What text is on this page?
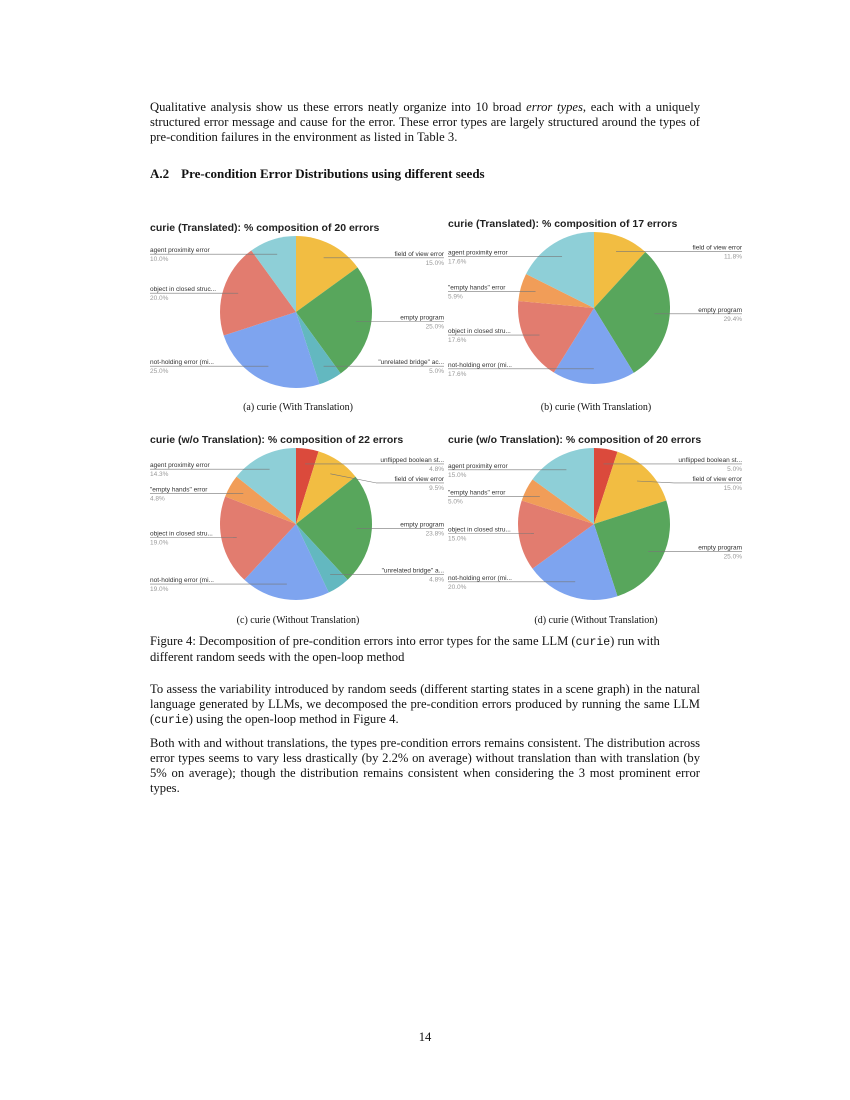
Qualitative analysis show us these errors neatly organize into 10 broad error types, each with a uniquely structured error message and cause for the error. These error types are largely structured around the types of pre-condition failures in the environment as listed in Table 3.

A.2 Pre-condition Error Distributions using different seeds
curie (Translated): % composition of 20 errors
agent proximity error
10.0%
object in closed struc...
20.0%
not-holding error (mi...
25.0%
field of view error
15.0%
empty program
25.0%
"unrelated bridge" ac...
5.0%
curie (Translated): % composition of 17 errors
agent proximity error
17.6%
"empty hands" error
5.9%
object in closed stru...
17.6%
not-holding error (mi...
17.6%
field of view error
11.8%
empty program
29.4%
curie (w/o Translation): % composition of 22 errors
agent proximity error
14.3%
"empty hands" error
4.8%
object in closed stru...
19.0%
not-holding error (mi...
19.0%
unflipped boolean st...
4.8%
field of view error
9.5%
empty program
23.8%
"unrelated bridge" a...
4.8%
curie (w/o Translation): % composition of 20 errors
agent proximity error
15.0%
"empty hands" error
5.0%
object in closed stru...
15.0%
not-holding error (mi...
20.0%
unflipped boolean st...
5.0%
field of view error
15.0%
empty program
25.0%
(a) curie (With Translation)	(b) curie (With Translation)
(c) curie (Without Translation)	(d) curie (Without Translation)
Figure 4: Decomposition of pre-condition errors into error types for the same LLM (curie) run with different random seeds with the open-loop method

To assess the variability introduced by random seeds (different starting states in a scene graph) in the natural language generated by LLMs, we decomposed the pre-condition errors produced by running the same LLM (curie) using the open-loop method in Figure 4.

Both with and without translations, the types pre-condition errors remains consistent. The distribution across error types seems to vary less drastically (by 2.2% on average) without translation than with translation (by 5% on average); though the distribution remains consistent when considering the 3 most prominent error types.

14
